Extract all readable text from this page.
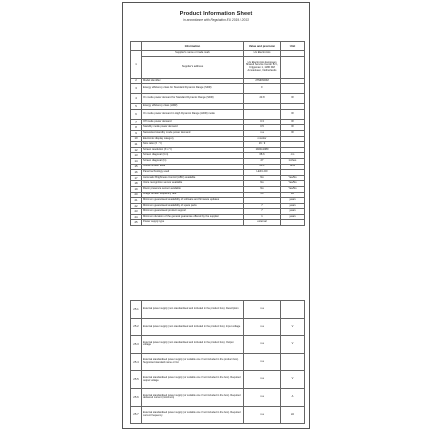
Product Information Sheet
in accordance with Regulation EU 2019 / 2013
	Information	Value and precision	Unit
1	Supplier's name or trade mark	LG Electronics	
	Supplier's address	LG Electronics European Shared Service Center B.V., Krijgsman 1, 1186 DM Amstelveen, Netherlands	
2	Model identifier	27MK600M	
3	Energy efficiency class for Standard Dynamic Range (SDR)	F	
4	On mode power demand for Standard Dynamic Range (SDR)	23.8	W
5	Energy efficiency class (HDR)		
6	On mode power demand in High Dynamic Range (HDR) mode		W
7	Off mode power demand	0.3	W
8	Standby mode power demand	0.5	W
9	Networked standby mode power demand	n.a	W
10	Electronic display category	monitor	
11	Size ratio (X : Y)	16 : 9	
12	Screen resolution (X x Y)	1920x1080	
13	Screen diagonal (Cm)	68.6	cm
14	Screen diagonal (In)	27	inches
15	Visible screen area	20.1	dm2
16	Panel technology used	LED LCD	
17	Automatic Brightness Control (ABC) available	No	Yes/No
18	Voice recognition sensor available	No	Yes/No
19	Room presence sensor available	No	Yes/No
20	Image refresh frequency rate	60	Hz
21	Minimum guaranteed availability of software and firmware updates		years
22	Minimum guaranteed availability of spare parts	7	years
23	Minimum guaranteed product support	7	years
24	Minimum duration of the general guarantee offered by the supplier	1	years
25	Power supply type	external	
25.1	External power supply (non standardised and included in the product box). Description	n.a	
25.2	External power supply (non standardised and included in the product box). Input voltage	n.a	V
25.3	External power supply (non standardised and included in the product box). Output voltage	n.a	V
25.4	External standardised power supply (or suitable one if not included in the product box). Supported standard name or list	n.a	
25.5	External standardised power supply (or suitable one if not included in the box). Required output voltage	n.a	V
25.6	External standardised power supply (or suitable one if not included in the box). Required delivered current (minimum)	n.a	A
25.7	External standardised power supply (or suitable one if not included in the box). Required current frequency	n.a	Hz
